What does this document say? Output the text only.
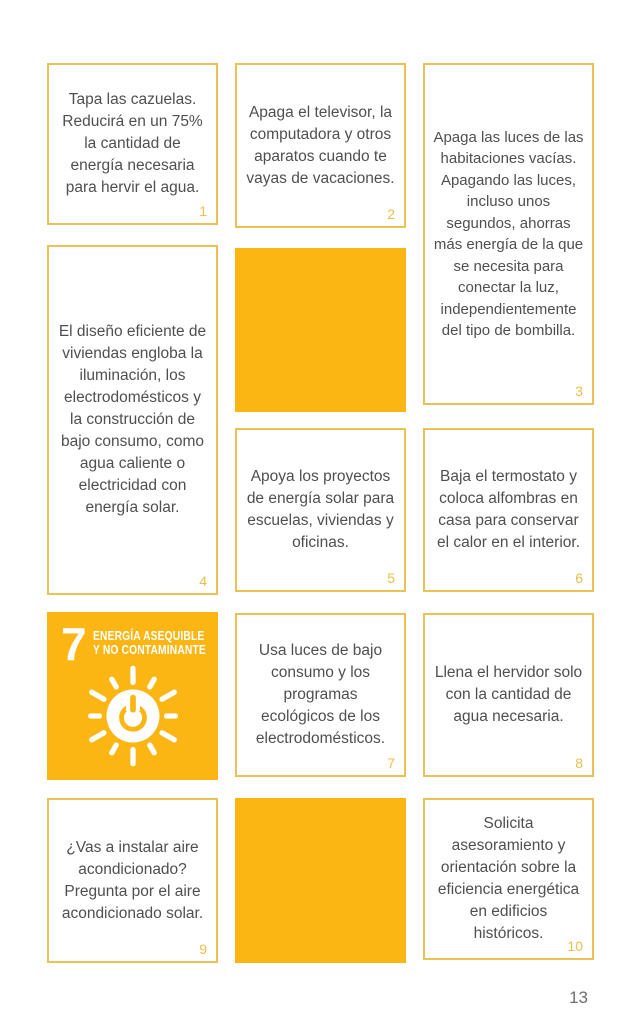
Tapa las cazuelas. Reducirá en un 75% la cantidad de energía necesaria para hervir el agua.
1
Apaga el televisor, la computadora y otros aparatos cuando te vayas de vacaciones.
2
Apaga las luces de las habitaciones vacías. Apagando las luces, incluso unos segundos, ahorras más energía de la que se necesita para conectar la luz, independientemente del tipo de bombilla.
3
El diseño eficiente de viviendas engloba la iluminación, los electrodomésticos y la construcción de bajo consumo, como agua caliente o electricidad con energía solar.
4
Apoya los proyectos de energía solar para escuelas, viviendas y oficinas.
5
Baja el termostato y coloca alfombras en casa para conservar el calor en el interior.
6
7 ENERGÍA ASEQUIBLE
Y NO CONTAMINANTE	Usa luces de bajo consumo y los programas ecológicos de los electrodomésticos.
7
Llena el hervidor solo con la cantidad de agua necesaria.
8
¿Vas a instalar aire acondicionado? Pregunta por el aire acondicionado solar.
9
Solicita asesoramiento y orientación sobre la eficiencia energética en edificios históricos.
10
13
